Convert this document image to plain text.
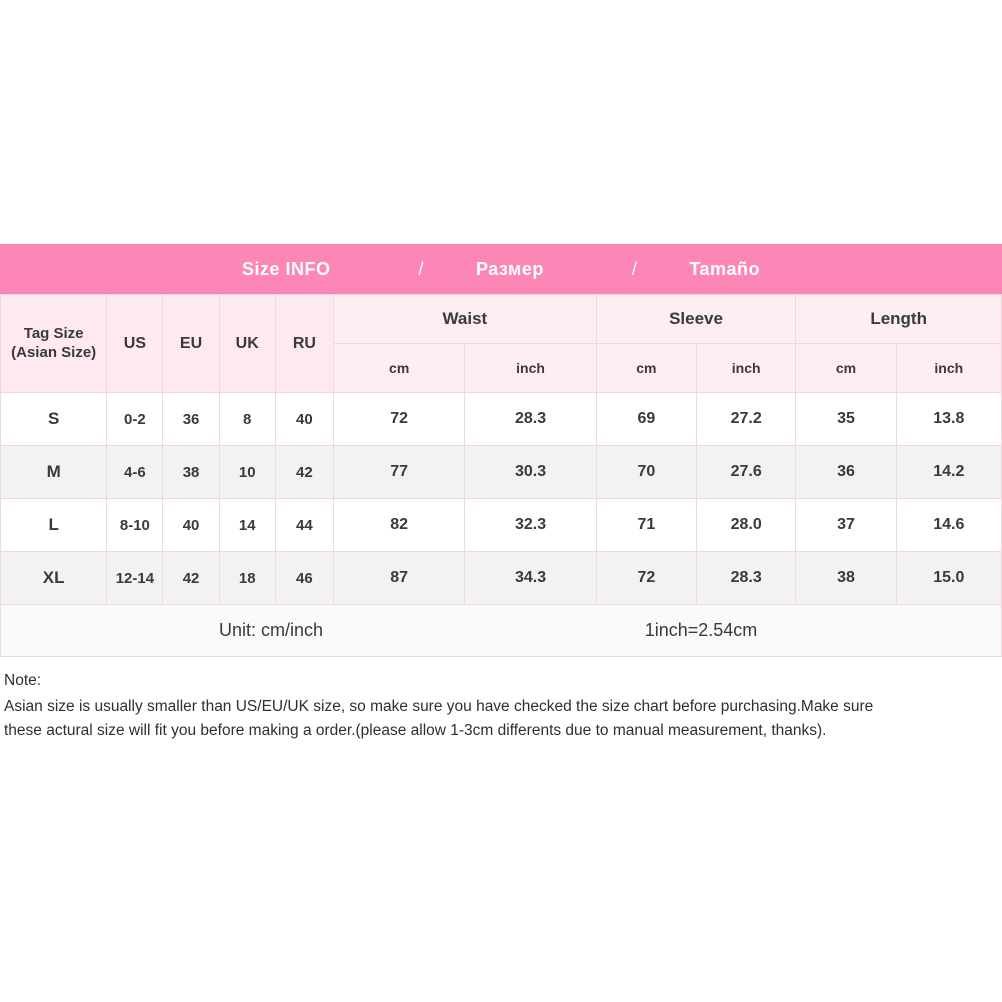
Size INFO	/	Размер	/	Tamaño
Tag Size
(Asian Size)	US	EU	UK	RU	Waist		Sleeve		Length	
					cm	inch	cm	inch	cm	inch
S	0-2	36	8	40	72	28.3	69	27.2	35	13.8
M	4-6	38	10	42	77	30.3	70	27.6	36	14.2
L	8-10	40	14	44	82	32.3	71	28.0	37	14.6
XL	12-14	42	18	46	87	34.3	72	28.3	38	15.0
Unit: cm/inch	1inch=2.54cm
Note:
Asian size is usually smaller than US/EU/UK size, so make sure you have checked the size chart before purchasing.Make sure
these actural size will fit you before making a order.(please allow 1-3cm differents due to manual measurement, thanks).
